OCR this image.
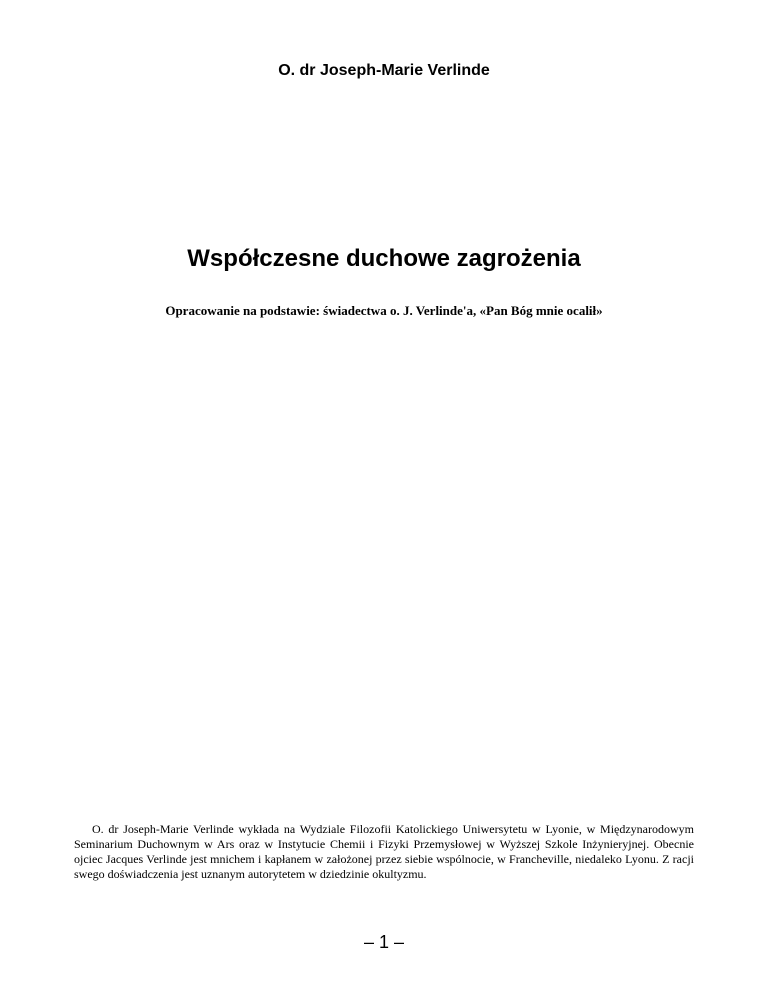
O. dr Joseph-Marie Verlinde
Współczesne duchowe zagrożenia
Opracowanie na podstawie: świadectwa o. J. Verlinde'a, «Pan Bóg mnie ocalił»

O. dr Joseph-Marie Verlinde wykłada na Wydziale Filozofii Katolickiego Uniwersytetu w Lyonie, w Międzynarodowym Seminarium Duchownym w Ars oraz w Instytucie Chemii i Fizyki Przemysłowej w Wyższej Szkole Inżynieryjnej. Obecnie ojciec Jacques Verlinde jest mnichem i kapłanem w założonej przez siebie wspólnocie, w Francheville, niedaleko Lyonu. Z racji swego doświadczenia jest uznanym autorytetem w dziedzinie okultyzmu.

– 1 –
